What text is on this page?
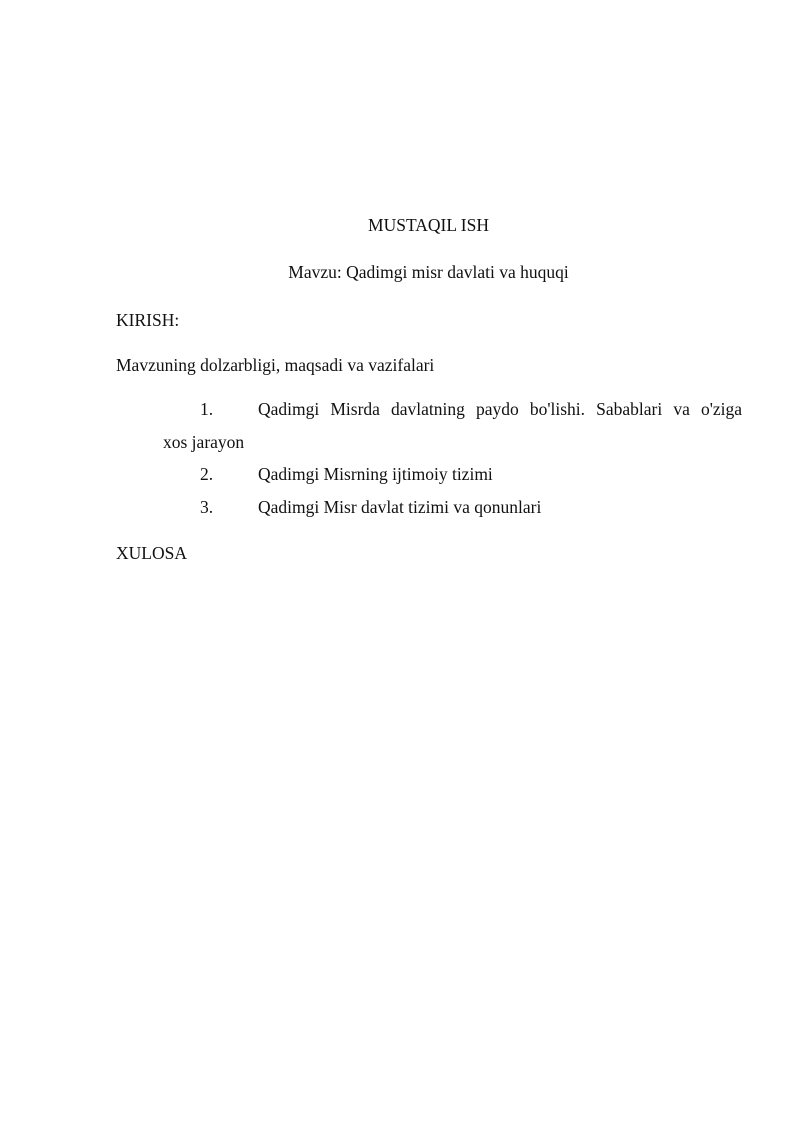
MUSTAQIL ISH
Mavzu: Qadimgi misr davlati va huquqi
KIRISH:
Mavzuning dolzarbligi, maqsadi va vazifalari
1.	Qadimgi Misrda davlatning paydo bo'lishi. Sabablari va o'ziga
xos jarayon
2.	Qadimgi Misrning ijtimoiy tizimi
3.	Qadimgi Misr davlat tizimi va qonunlari
XULOSA
